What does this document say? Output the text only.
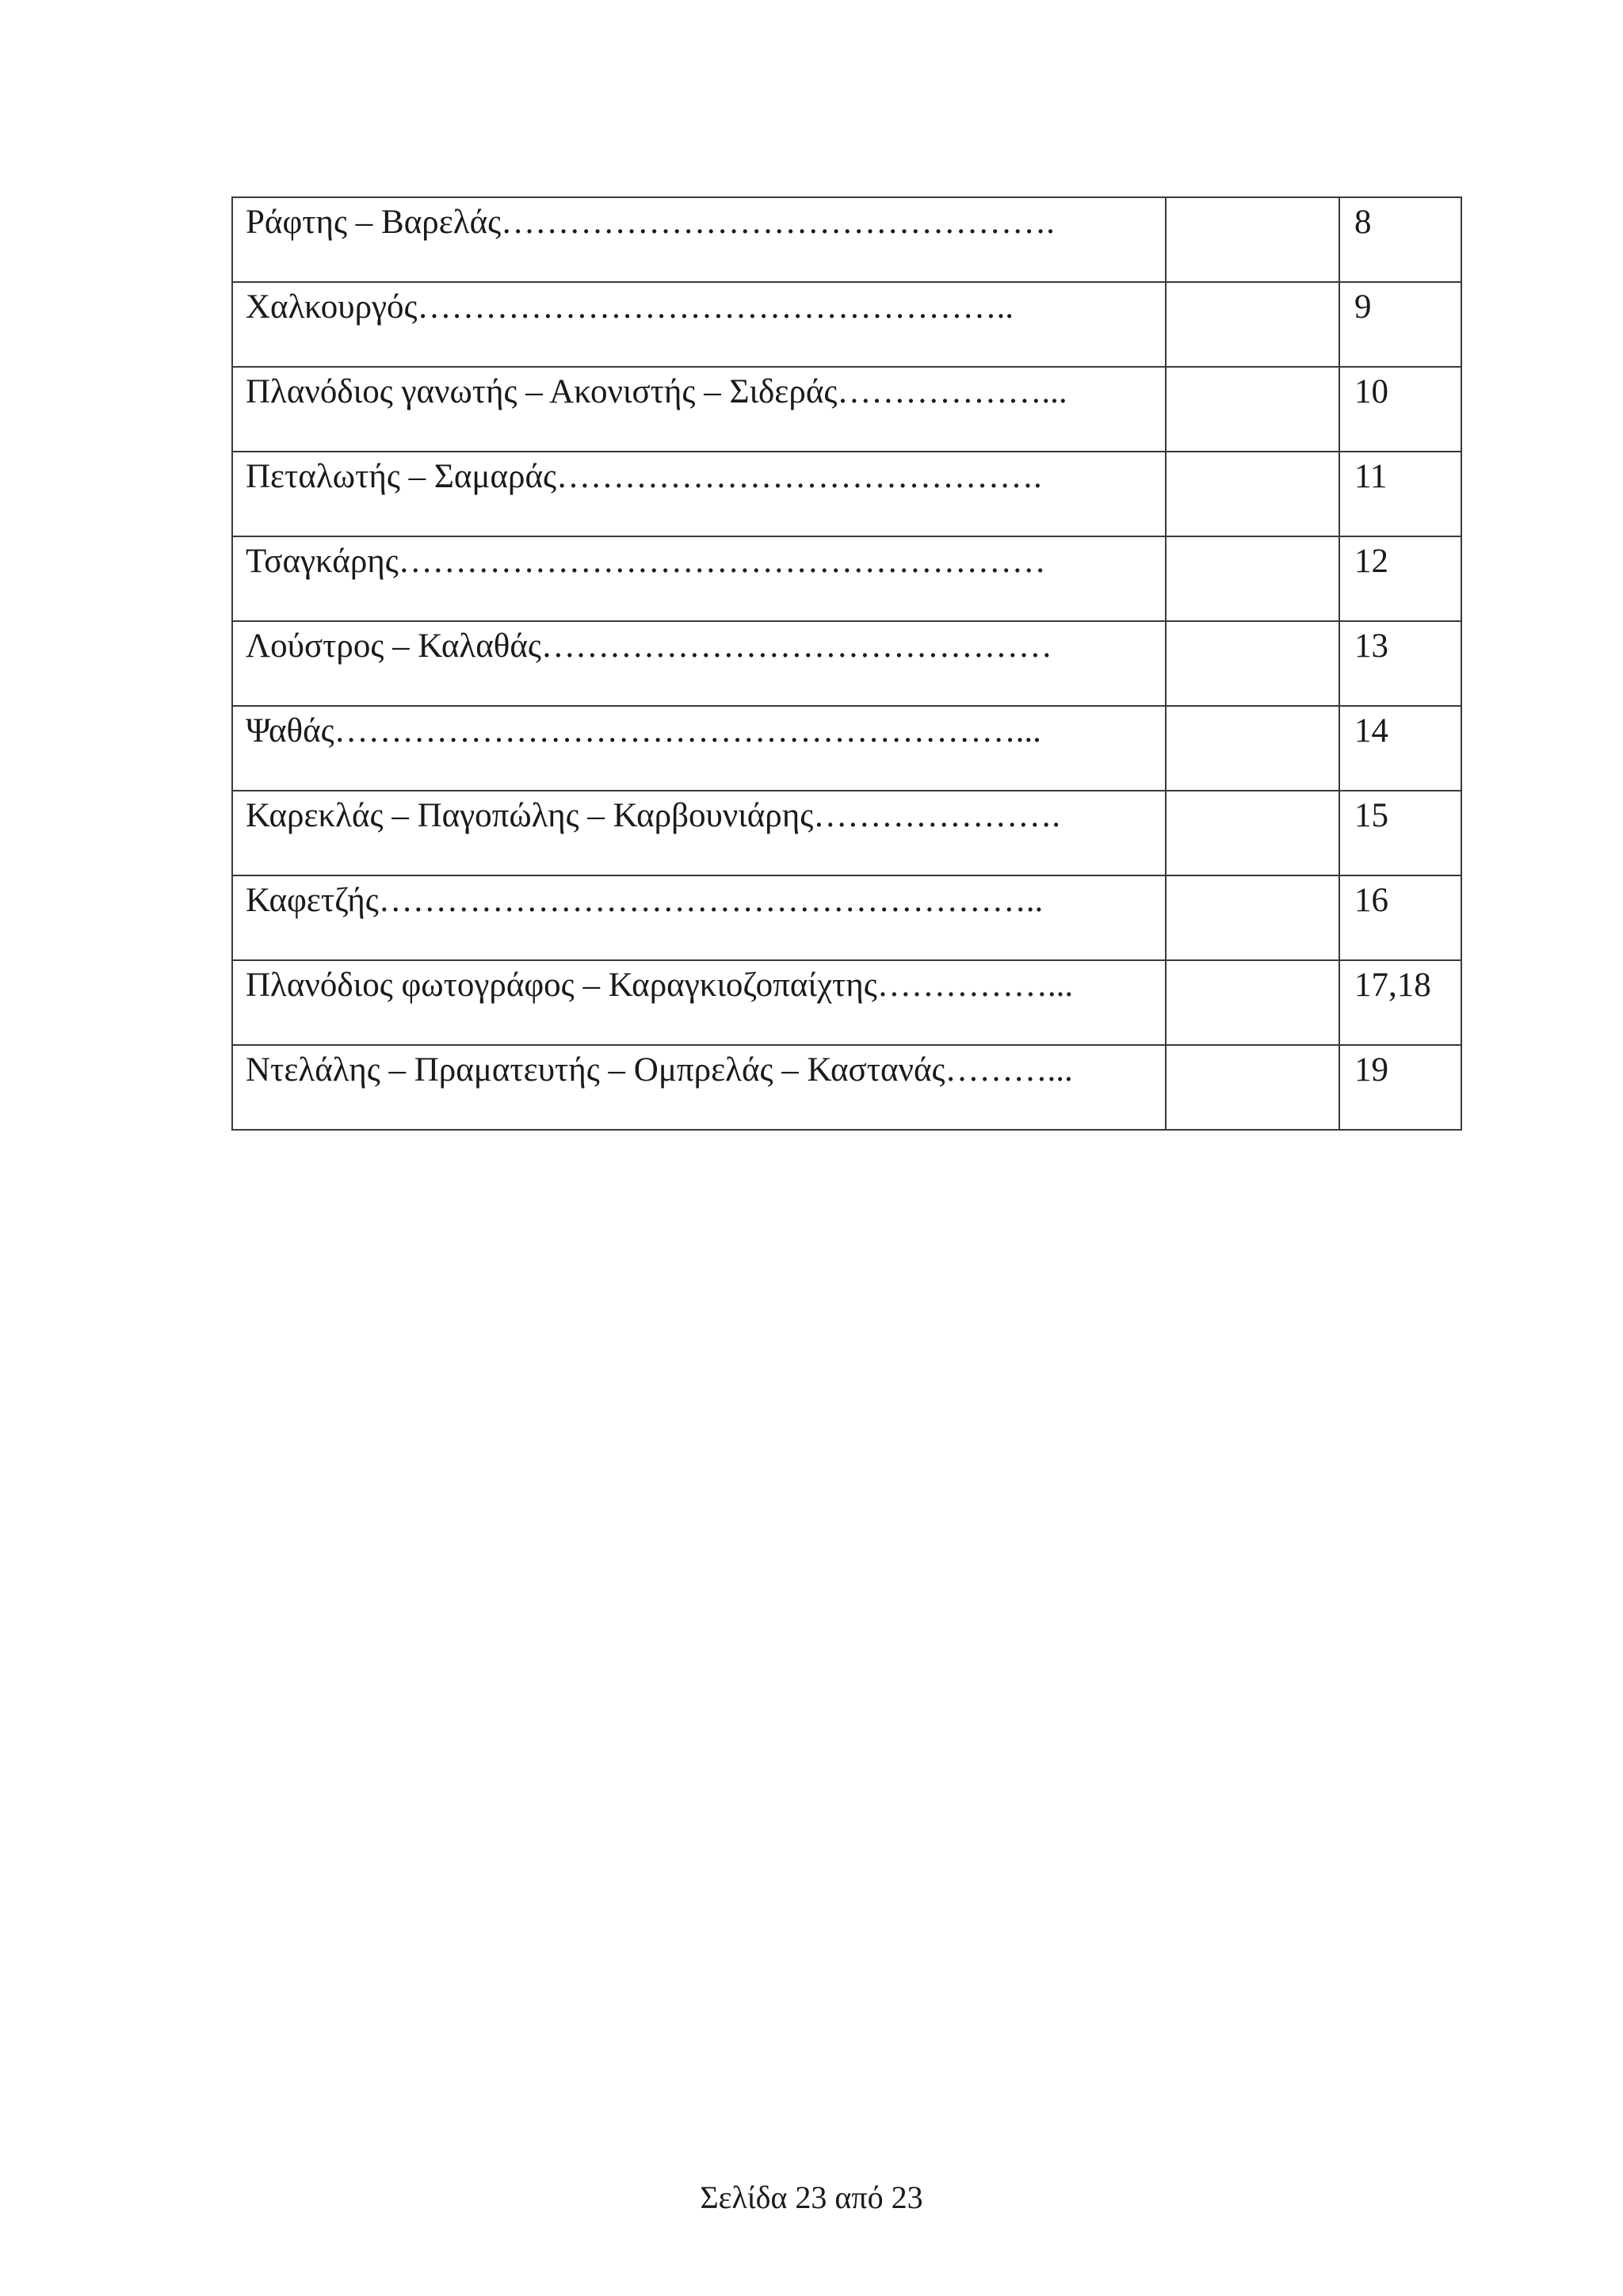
Ράφτης – Βαρελάς………………………………………….		8
Χαλκουργός……………………………………………..		9
Πλανόδιος γανωτής – Ακονιστής – Σιδεράς………………...		10
Πεταλωτής – Σαμαράς…………………………………….		11
Τσαγκάρης…………………………………………………		12
Λούστρος – Καλαθάς………………………………………		13
Ψαθάς……………………………………………………...		14
Καρεκλάς – Παγοπώλης – Καρβουνιάρης………………….		15
Καφετζής…………………………………………………..		16
Πλανόδιος φωτογράφος – Καραγκιοζοπαίχτης……………...		17,18
Ντελάλης – Πραματευτής – Ομπρελάς – Καστανάς………...		19
Σελίδα 23 από 23
